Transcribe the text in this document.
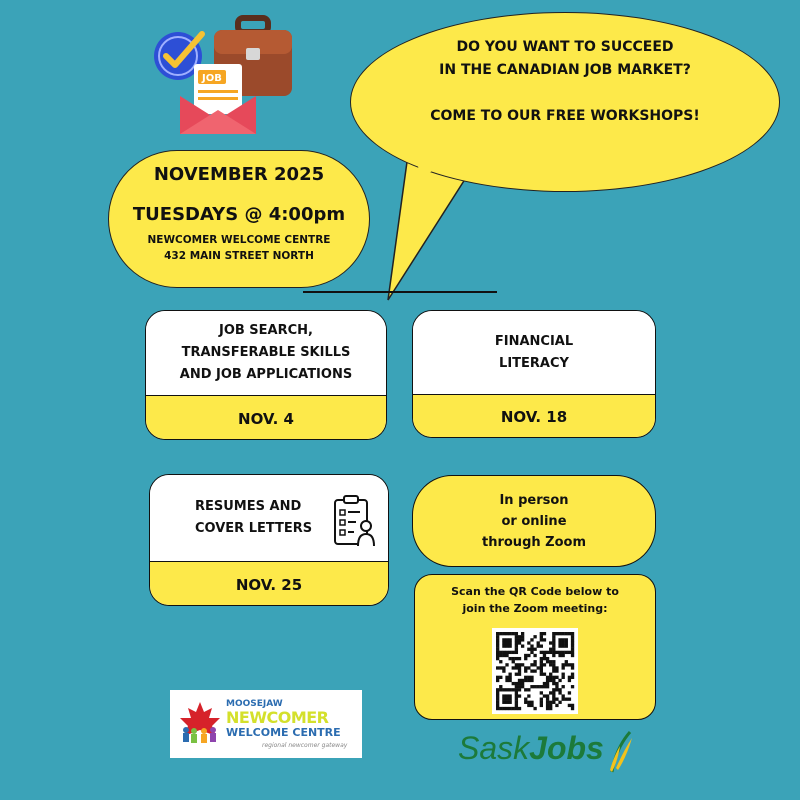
JOB
DO YOU WANT TO SUCCEED
IN THE CANADIAN JOB MARKET?
COME TO OUR FREE WORKSHOPS!
NOVEMBER 2025
TUESDAYS @ 4:00pm
NEWCOMER WELCOME CENTRE
432 MAIN STREET NORTH
JOB SEARCH,
TRANSFERABLE SKILLS
AND JOB APPLICATIONS
NOV. 4
FINANCIAL
LITERACY
NOV. 18
RESUMES AND
COVER LETTERS
NOV. 25
In person
or online
through Zoom
Scan the QR Code below to
join the Zoom meeting:
MOOSEJAW
NEWCOMER
WELCOME CENTRE
regional newcomer gateway	SaskJobs
